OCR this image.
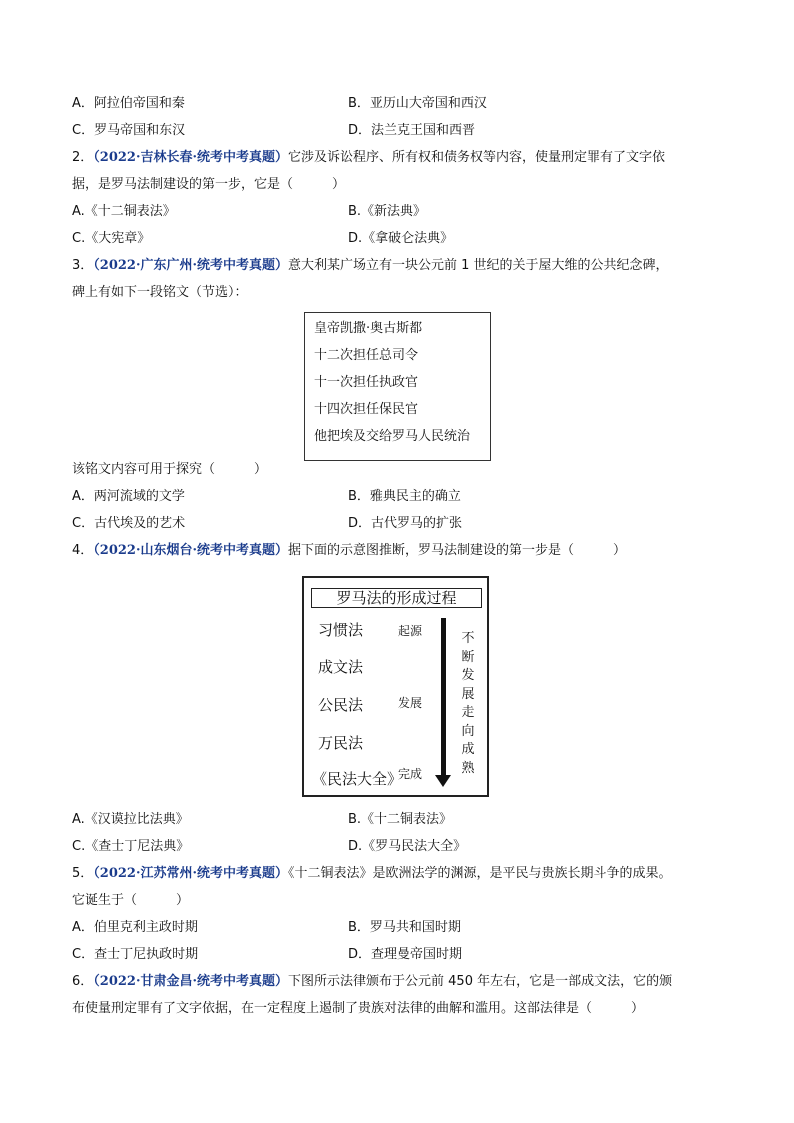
A．阿拉伯帝国和秦	B．亚历山大帝国和西汉
C．罗马帝国和东汉	D．法兰克王国和西晋
2．（2022·吉林长春·统考中考真题）它涉及诉讼程序、所有权和债务权等内容，使量刑定罪有了文字依
据，是罗马法制建设的第一步，它是（　　　）
A.《十二铜表法》	B.《新法典》
C.《大宪章》	D.《拿破仑法典》
3．（2022·广东广州·统考中考真题）意大利某广场立有一块公元前 1 世纪的关于屋大维的公共纪念碑，
碑上有如下一段铭文（节选）：
皇帝凯撒·奥古斯都
十二次担任总司令
十一次担任执政官
十四次担任保民官
他把埃及交给罗马人民统治
该铭文内容可用于探究（　　　）
A．两河流域的文学	B．雅典民主的确立
C．古代埃及的艺术	D．古代罗马的扩张
4．（2022·山东烟台·统考中考真题）据下面的示意图推断，罗马法制建设的第一步是（　　　）
罗马法的形成过程
习惯法
成文法
公民法
万民法
《民法大全》
起源
发展
完成
不断发展走向成熟
A.《汉谟拉比法典》	B.《十二铜表法》
C.《查士丁尼法典》	D.《罗马民法大全》
5．（2022·江苏常州·统考中考真题）《十二铜表法》是欧洲法学的渊源，是平民与贵族长期斗争的成果。
它诞生于（　　　）
A．伯里克利主政时期	B．罗马共和国时期
C．查士丁尼执政时期	D．查理曼帝国时期
6．（2022·甘肃金昌·统考中考真题）下图所示法律颁布于公元前 450 年左右，它是一部成文法，它的颁
布使量刑定罪有了文字依据，在一定程度上遏制了贵族对法律的曲解和滥用。这部法律是（　　　）
